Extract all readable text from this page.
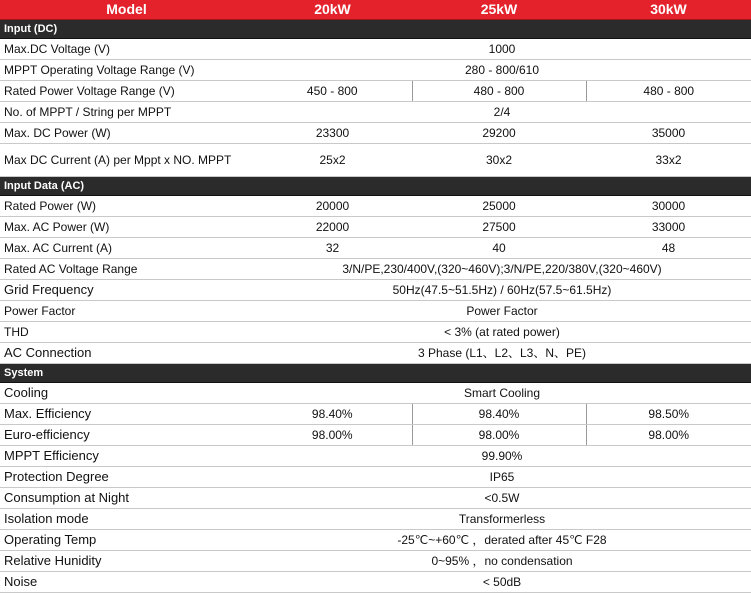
Model	20kW	25kW	30kW
Input (DC)			
Max.DC Voltage (V)	1000		
MPPT Operating Voltage Range (V)	280 - 800/610		
Rated Power Voltage Range (V)	450 - 800	480 - 800	480 - 800
No. of MPPT / String per MPPT	2/4		
Max. DC Power (W)	23300	29200	35000
Max DC Current (A) per Mppt x NO. MPPT	25x2	30x2	33x2
Input Data (AC)			
Rated Power (W)	20000	25000	30000
Max. AC Power (W)	22000	27500	33000
Max. AC Current (A)	32	40	48
Rated AC Voltage Range	3/N/PE,230/400V,(320~460V);3/N/PE,220/380V,(320~460V)		
Grid Frequency	50Hz(47.5~51.5Hz) / 60Hz(57.5~61.5Hz)		
Power Factor	Power Factor		
THD	< 3% (at rated power)		
AC Connection	3 Phase (L1、L2、L3、N、PE)		
System			
Cooling	Smart Cooling		
Max. Efficiency	98.40%	98.40%	98.50%
Euro-efficiency	98.00%	98.00%	98.00%
MPPT Efficiency	99.90%		
Protection Degree	IP65		
Consumption at Night	<0.5W		
Isolation mode	Transformerless		
Operating Temp	-25℃~+60℃ ，derated after 45℃ F28		
Relative Hunidity	0~95% ，no condensation		
Noise	< 50dB		
